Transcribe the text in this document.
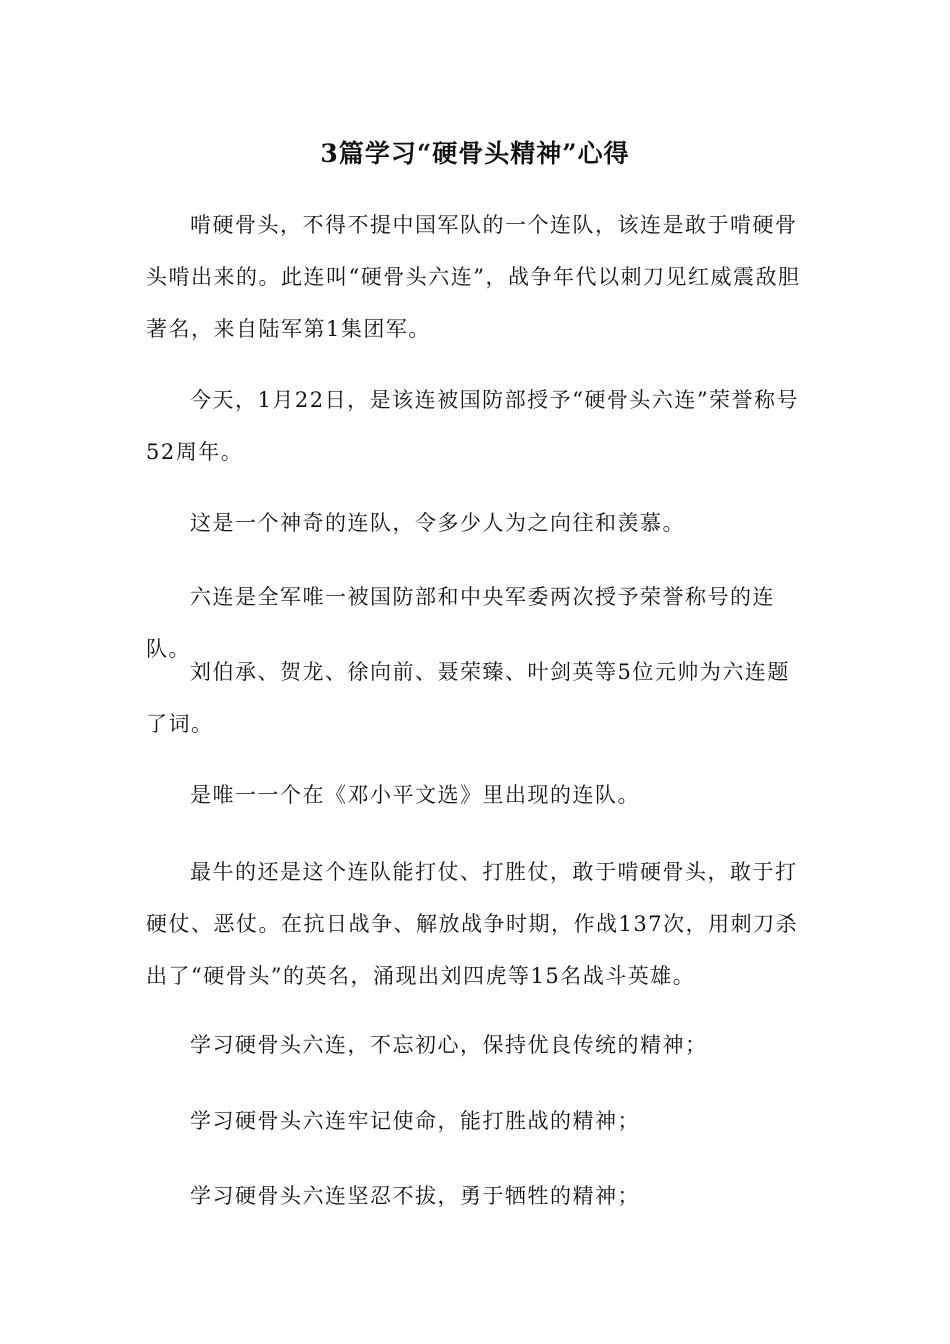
3篇学习“硬骨头精神”心得

啃硬骨头，不得不提中国军队的一个连队，该连是敢于啃硬骨头啃出来的。此连叫“硬骨头六连”，战争年代以刺刀见红威震敌胆著名，来自陆军第1集团军。

今天，1月22日，是该连被国防部授予“硬骨头六连”荣誉称号52周年。

这是一个神奇的连队，令多少人为之向往和羡慕。

六连是全军唯一被国防部和中央军委两次授予荣誉称号的连队。

刘伯承、贺龙、徐向前、聂荣臻、叶剑英等5位元帅为六连题了词。

是唯一一个在《邓小平文选》里出现的连队。

最牛的还是这个连队能打仗、打胜仗，敢于啃硬骨头，敢于打硬仗、恶仗。在抗日战争、解放战争时期，作战137次，用刺刀杀出了“硬骨头”的英名，涌现出刘四虎等15名战斗英雄。

学习硬骨头六连，不忘初心，保持优良传统的精神；

学习硬骨头六连牢记使命，能打胜战的精神；

学习硬骨头六连坚忍不拔，勇于牺牲的精神；
